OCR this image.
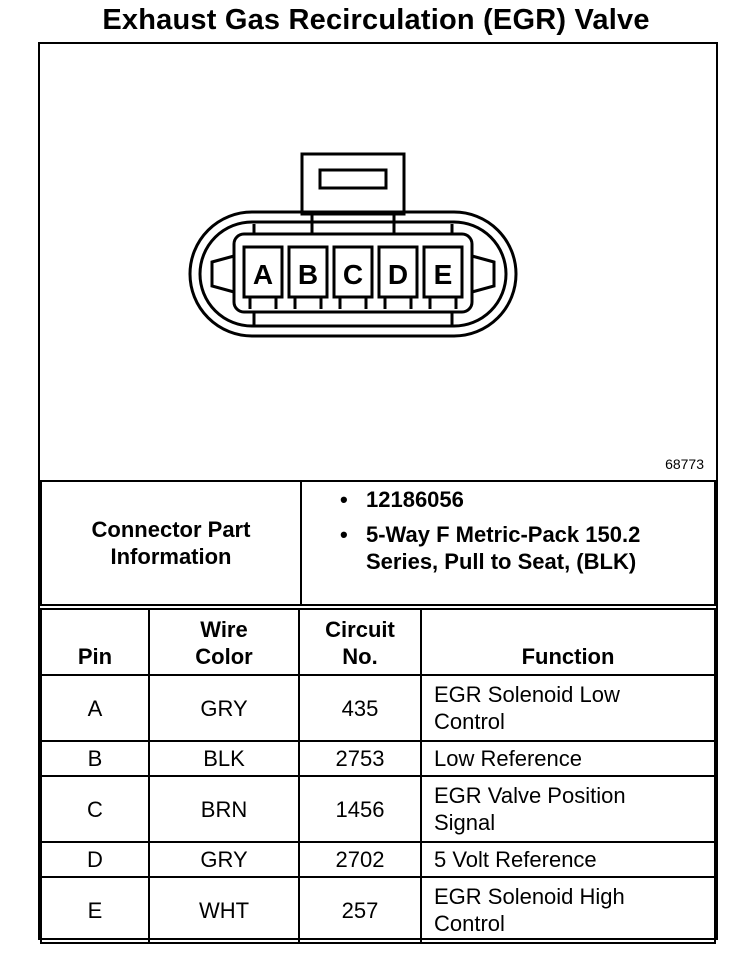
Exhaust Gas Recirculation (EGR) Valve
A B C D E
68773
Connector Part Information	
• 12186056
• 5-Way F Metric-Pack 150.2 Series, Pull to Seat, (BLK)
Pin	Wire Color	Circuit No.	Function
A	GRY	435	EGR Solenoid Low Control
B	BLK	2753	Low Reference
C	BRN	1456	EGR Valve Position Signal
D	GRY	2702	5 Volt Reference
E	WHT	257	EGR Solenoid High Control
